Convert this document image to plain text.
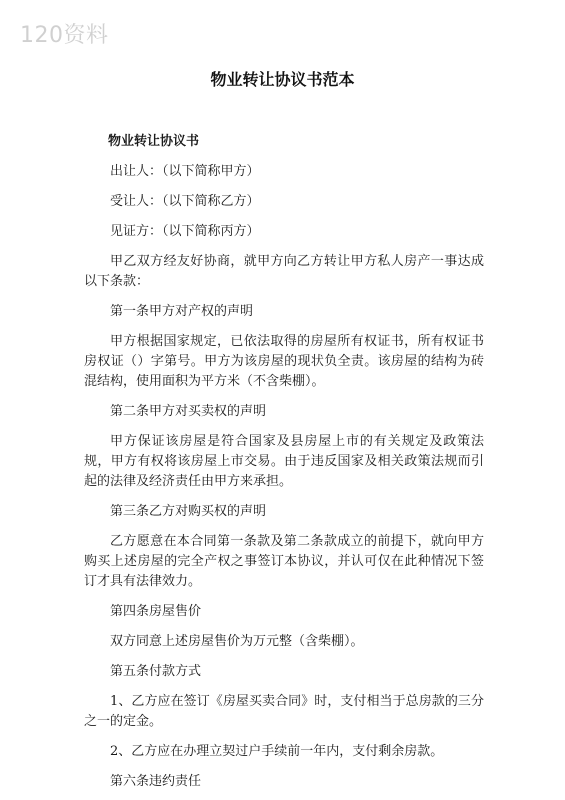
120资料
物业转让协议书范本
物业转让协议书

出让人：（以下简称甲方）

受让人：（以下简称乙方）

见证方：（以下简称丙方）

甲乙双方经友好协商，就甲方向乙方转让甲方私人房产一事达成以下条款：

第一条甲方对产权的声明

甲方根据国家规定，已依法取得的房屋所有权证书，所有权证书房权证（）字第号。甲方为该房屋的现状负全责。该房屋的结构为砖混结构，使用面积为平方米（不含柴棚）。

第二条甲方对买卖权的声明

甲方保证该房屋是符合国家及县房屋上市的有关规定及政策法规，甲方有权将该房屋上市交易。由于违反国家及相关政策法规而引起的法律及经济责任由甲方来承担。

第三条乙方对购买权的声明

乙方愿意在本合同第一条款及第二条款成立的前提下，就向甲方购买上述房屋的完全产权之事签订本协议，并认可仅在此种情况下签订才具有法律效力。

第四条房屋售价

双方同意上述房屋售价为万元整（含柴棚）。

第五条付款方式

1、乙方应在签订《房屋买卖合同》时，支付相当于总房款的三分之一的定金。

2、乙方应在办理立契过户手续前一年内，支付剩余房款。

第六条违约责任
